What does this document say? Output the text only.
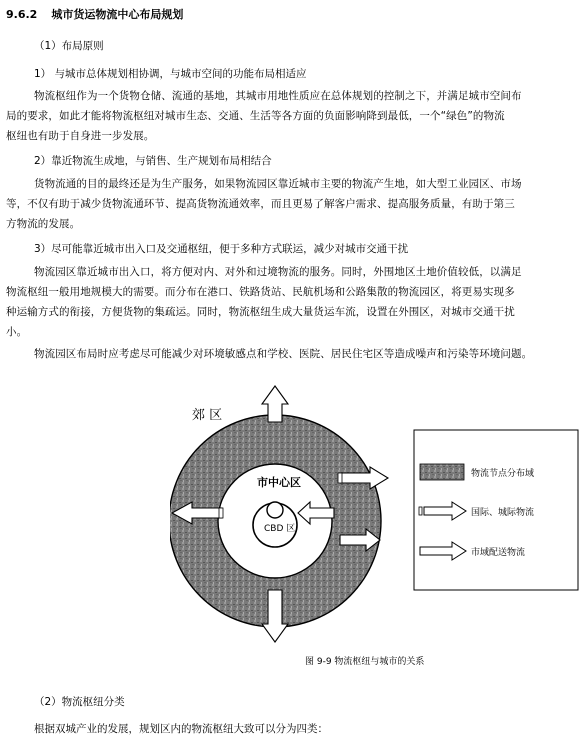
9.6.2 城市货运物流中心布局规划
（1）布局原则
1） 与城市总体规划相协调，与城市空间的功能布局相适应
物流枢纽作为一个货物仓储、流通的基地，其城市用地性质应在总体规划的控制之下，并满足城市空间布
局的要求，如此才能将物流枢纽对城市生态、交通、生活等各方面的负面影响降到最低，一个“绿色”的物流
枢纽也有助于自身进一步发展。
2）靠近物流生成地，与销售、生产规划布局相结合
货物流通的目的最终还是为生产服务，如果物流园区靠近城市主要的物流产生地，如大型工业园区、市场
等，不仅有助于减少货物流通环节、提高货物流通效率，而且更易了解客户需求、提高服务质量，有助于第三
方物流的发展。
3）尽可能靠近城市出入口及交通枢纽，便于多种方式联运，减少对城市交通干扰
物流园区靠近城市出入口，将方便对内、对外和过境物流的服务。同时，外围地区土地价值较低，以满足
物流枢纽一般用地规模大的需要。而分布在港口、铁路货站、民航机场和公路集散的物流园区，将更易实现多
种运输方式的衔接，方便货物的集疏运。同时，物流枢纽生成大量货运车流，设置在外围区，对城市交通干扰
小。
物流园区布局时应考虑尽可能减少对环境敏感点和学校、医院、居民住宅区等造成噪声和污染等环境问题。
郊 区
市中心区
CBD 区
物流节点分布域
国际、城际物流
市域配送物流
图 9-9 物流枢纽与城市的关系
（2）物流枢纽分类
根据双城产业的发展，规划区内的物流枢纽大致可以分为四类：
